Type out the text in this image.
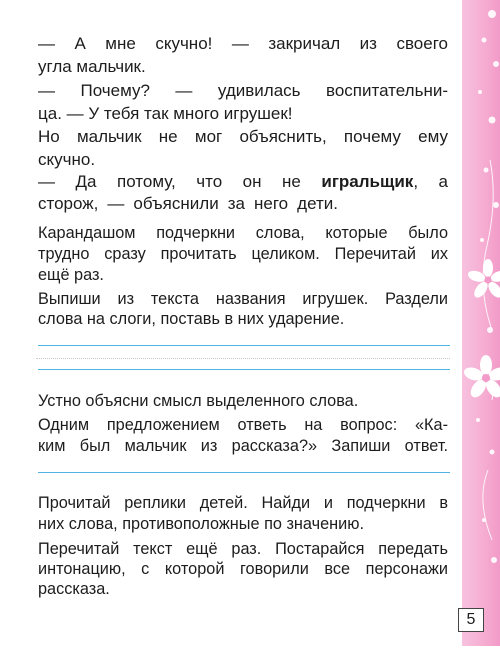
— А мне скучно! — закричал из своего

угла мальчик.

— Почему? — удивилась воспитательни-

ца. — У тебя так много игрушек!

Но мальчик не мог объяснить, почему ему

скучно.

— Да потому, что он не игральщик, а

сторож, — объяснили за него дети.

Карандашом подчеркни слова, которые было

трудно сразу прочитать целиком. Перечитай их

ещё раз.

Выпиши из текста названия игрушек. Раздели

слова на слоги, поставь в них ударение.

Устно объясни смысл выделенного слова.

Одним предложением ответь на вопрос: «Ка-

ким был мальчик из рассказа?» Запиши ответ.

Прочитай реплики детей. Найди и подчеркни в

них слова, противоположные по значению.

Перечитай текст ещё раз. Постарайся передать

интонацию, с которой говорили все персонажи

рассказа.

5
